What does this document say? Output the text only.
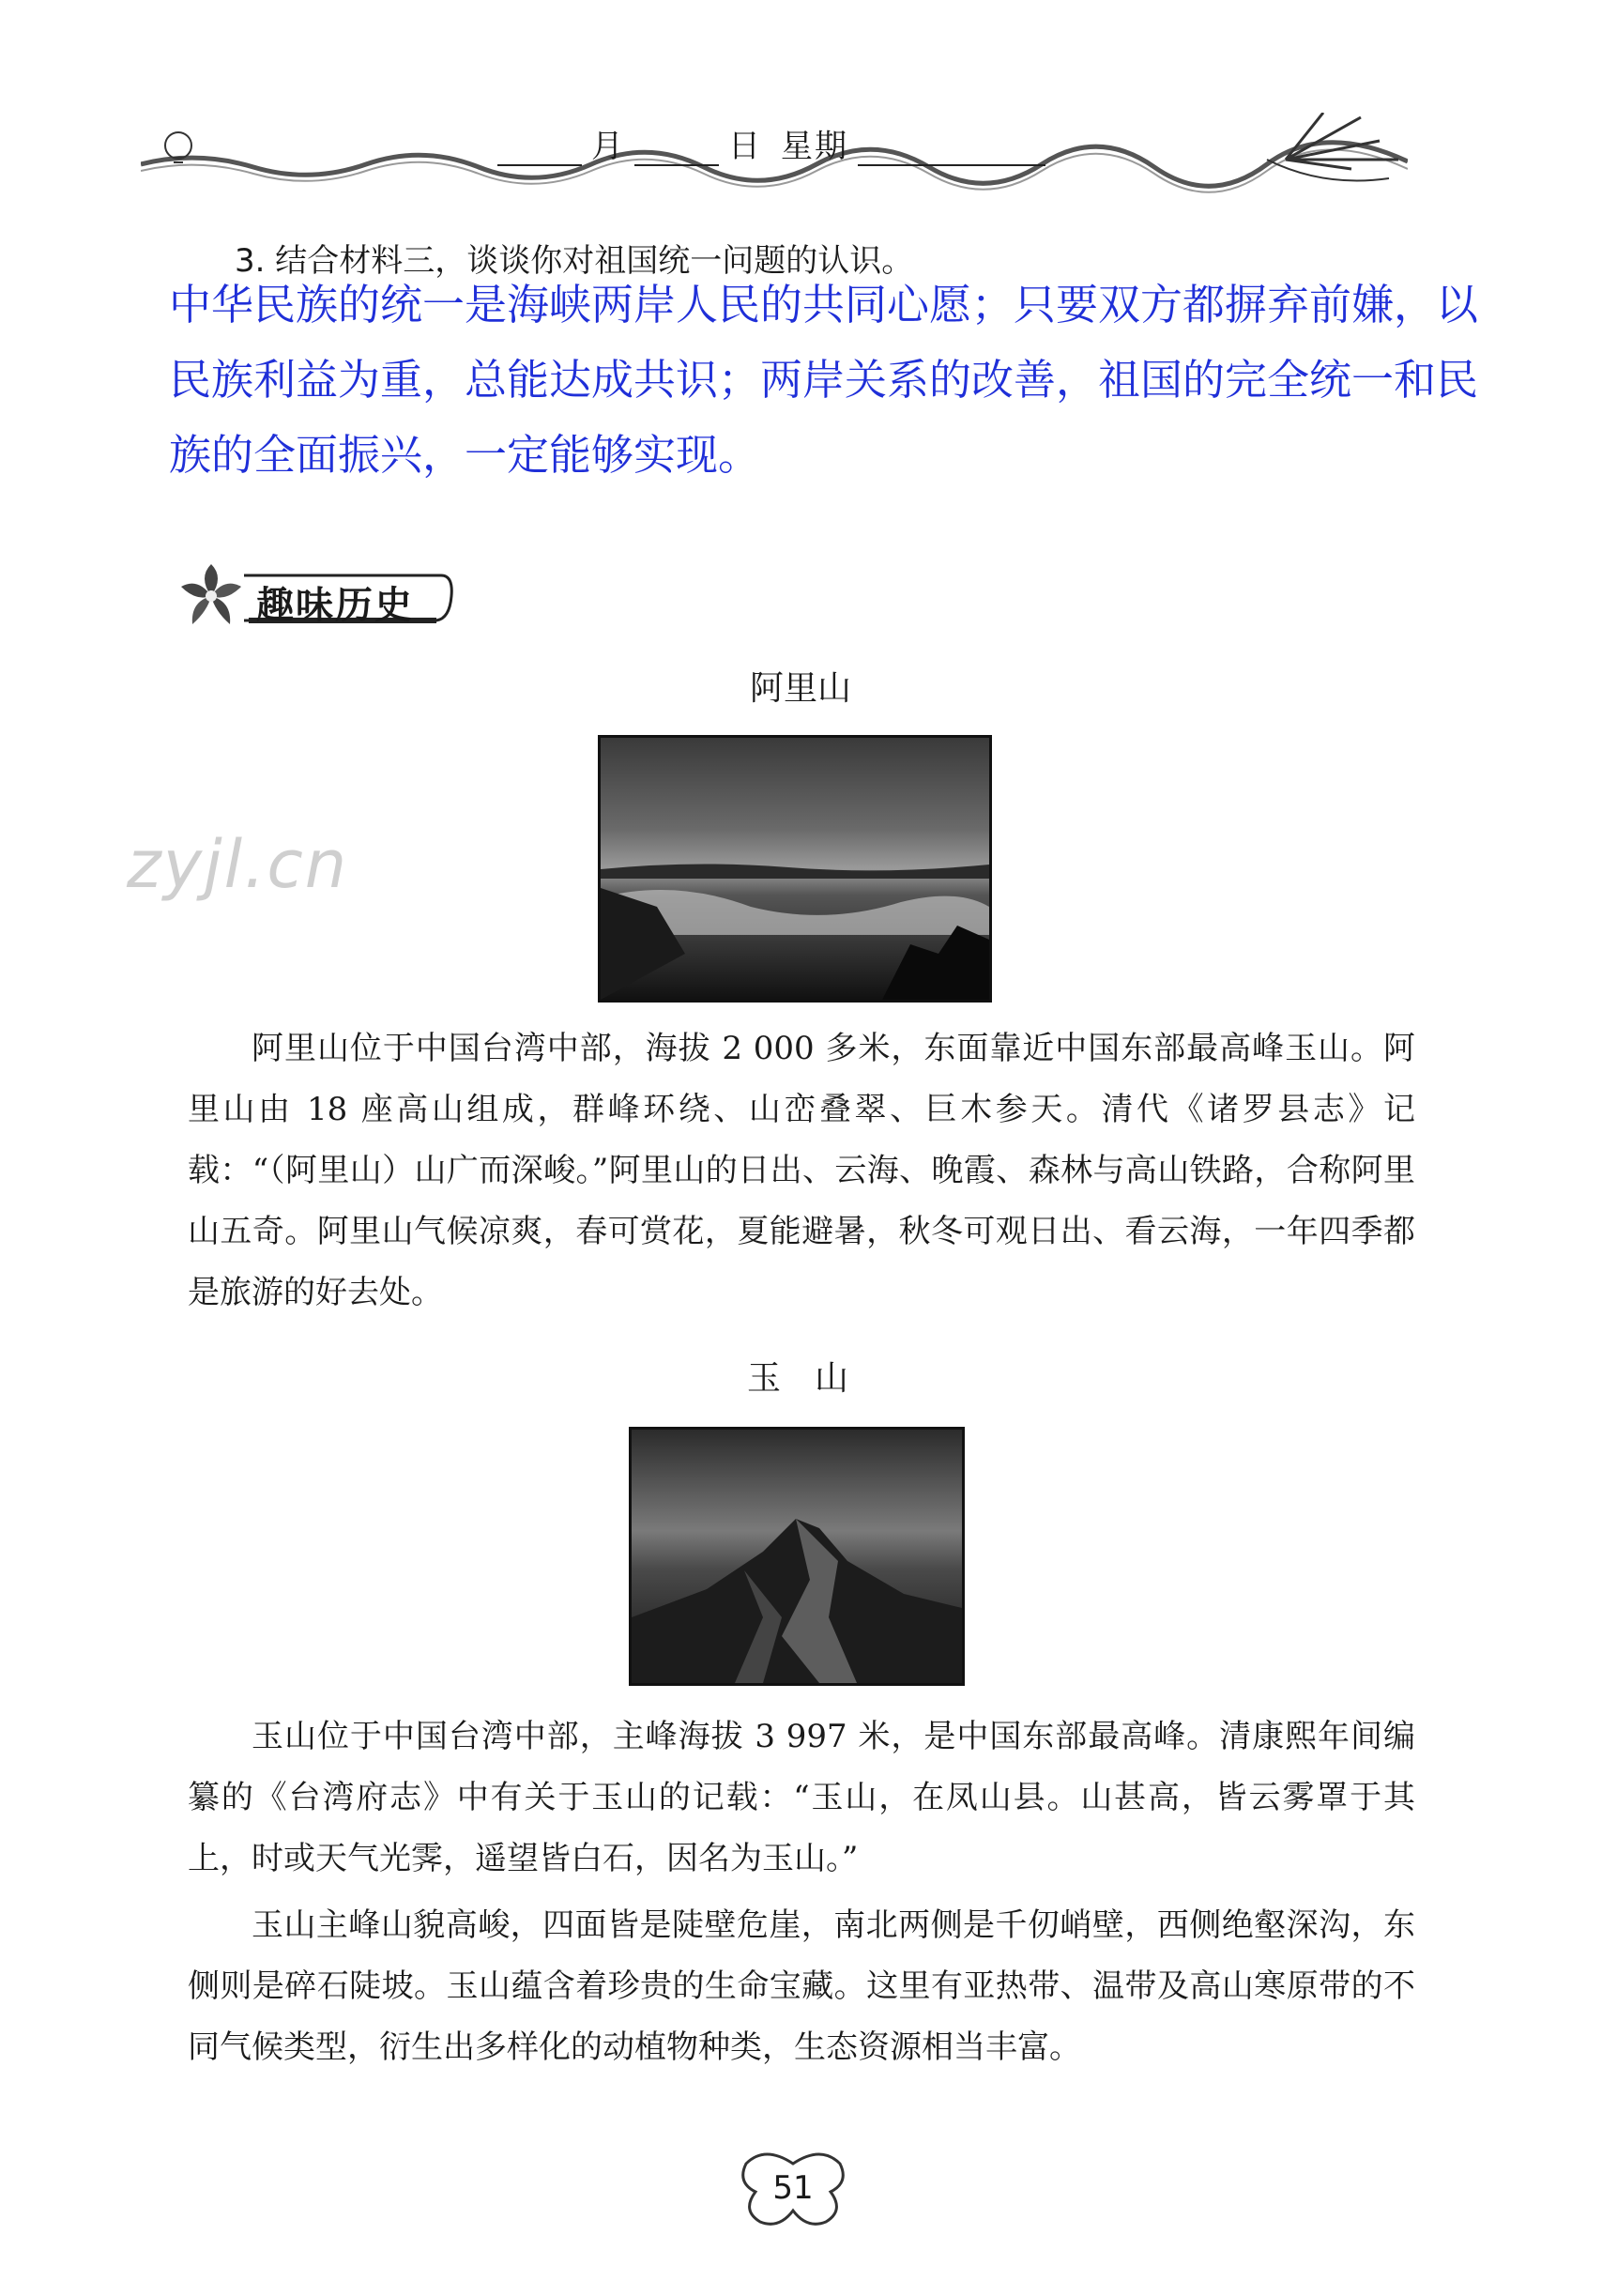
月	日 星期
3. 结合材料三，谈谈你对祖国统一问题的认识。
中华民族的统一是海峡两岸人民的共同心愿；只要双方都摒弃前嫌，以民族利益为重，总能达成共识；两岸关系的改善，祖国的完全统一和民族的全面振兴，一定能够实现。
趣味历史
阿里山
zyjl.cn

阿里山位于中国台湾中部，海拔 2 000 多米，东面靠近中国东部最高峰玉山。阿里山由 18 座高山组成，群峰环绕、山峦叠翠、巨木参天。清代《诸罗县志》记载：“（阿里山）山广而深峻。”阿里山的日出、云海、晚霞、森林与高山铁路，合称阿里山五奇。阿里山气候凉爽，春可赏花，夏能避暑，秋冬可观日出、看云海，一年四季都是旅游的好去处。

玉　山

玉山位于中国台湾中部，主峰海拔 3 997 米，是中国东部最高峰。清康熙年间编纂的《台湾府志》中有关于玉山的记载：“玉山，在凤山县。山甚高，皆云雾罩于其上，时或天气光霁，遥望皆白石，因名为玉山。”

玉山主峰山貌高峻，四面皆是陡壁危崖，南北两侧是千仞峭壁，西侧绝壑深沟，东侧则是碎石陡坡。玉山蕴含着珍贵的生命宝藏。这里有亚热带、温带及高山寒原带的不同气候类型，衍生出多样化的动植物种类，生态资源相当丰富。

51
